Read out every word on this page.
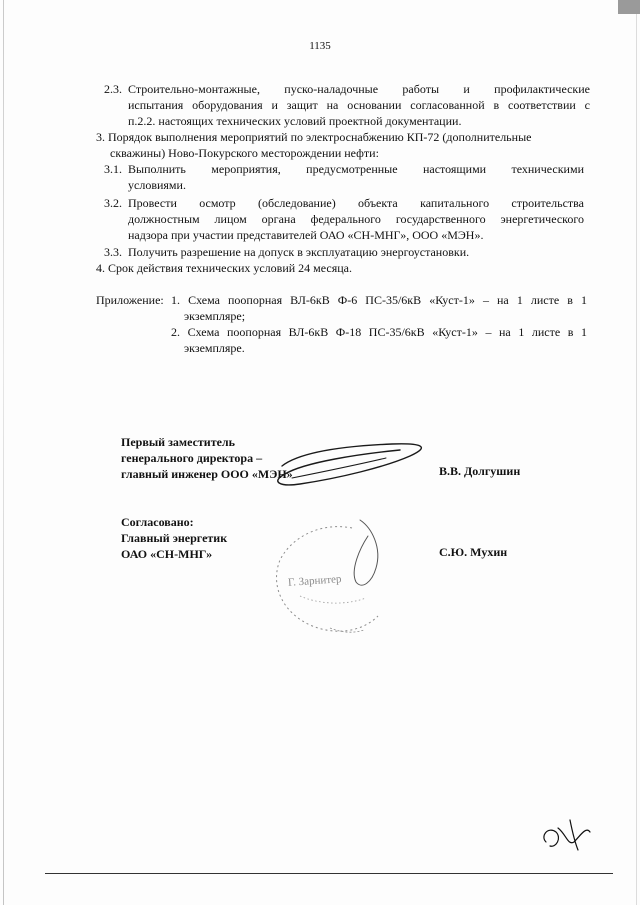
1135
2.3. Строительно-монтажные, пуско-наладочные работы и профилактические
испытания оборудования и защит на основании согласованной в соответствии с
п.2.2. настоящих технических условий проектной документации.
3. Порядок выполнения мероприятий по электроснабжению КП-72 (дополнительные
скважины) Ново-Покурского месторождении нефти:
3.1. Выполнить мероприятия, предусмотренные настоящими техническими
условиями.
3.2. Провести осмотр (обследование) объекта капитального строительства
должностным лицом органа федерального государственного энергетического
надзора при участии представителей ОАО «СН-МНГ», ООО «МЭН».
3.3. Получить разрешение на допуск в эксплуатацию энергоустановки.
4. Срок действия технических условий 24 месяца.
Приложение: 1. Схема поопорная ВЛ-6кВ Ф-6 ПС-35/6кВ «Куст-1» – на 1 листе в 1
экземпляре;
2. Схема поопорная ВЛ-6кВ Ф-18 ПС-35/6кВ «Куст-1» – на 1 листе в 1
экземпляре.
Первый заместитель
генерального директора –
главный инженер ООО «МЭН»	В.В. Долгушин
Согласовано:
Главный энергетик
ОАО «СН-МНГ»	С.Ю. Мухин
Г. Зарнитер
